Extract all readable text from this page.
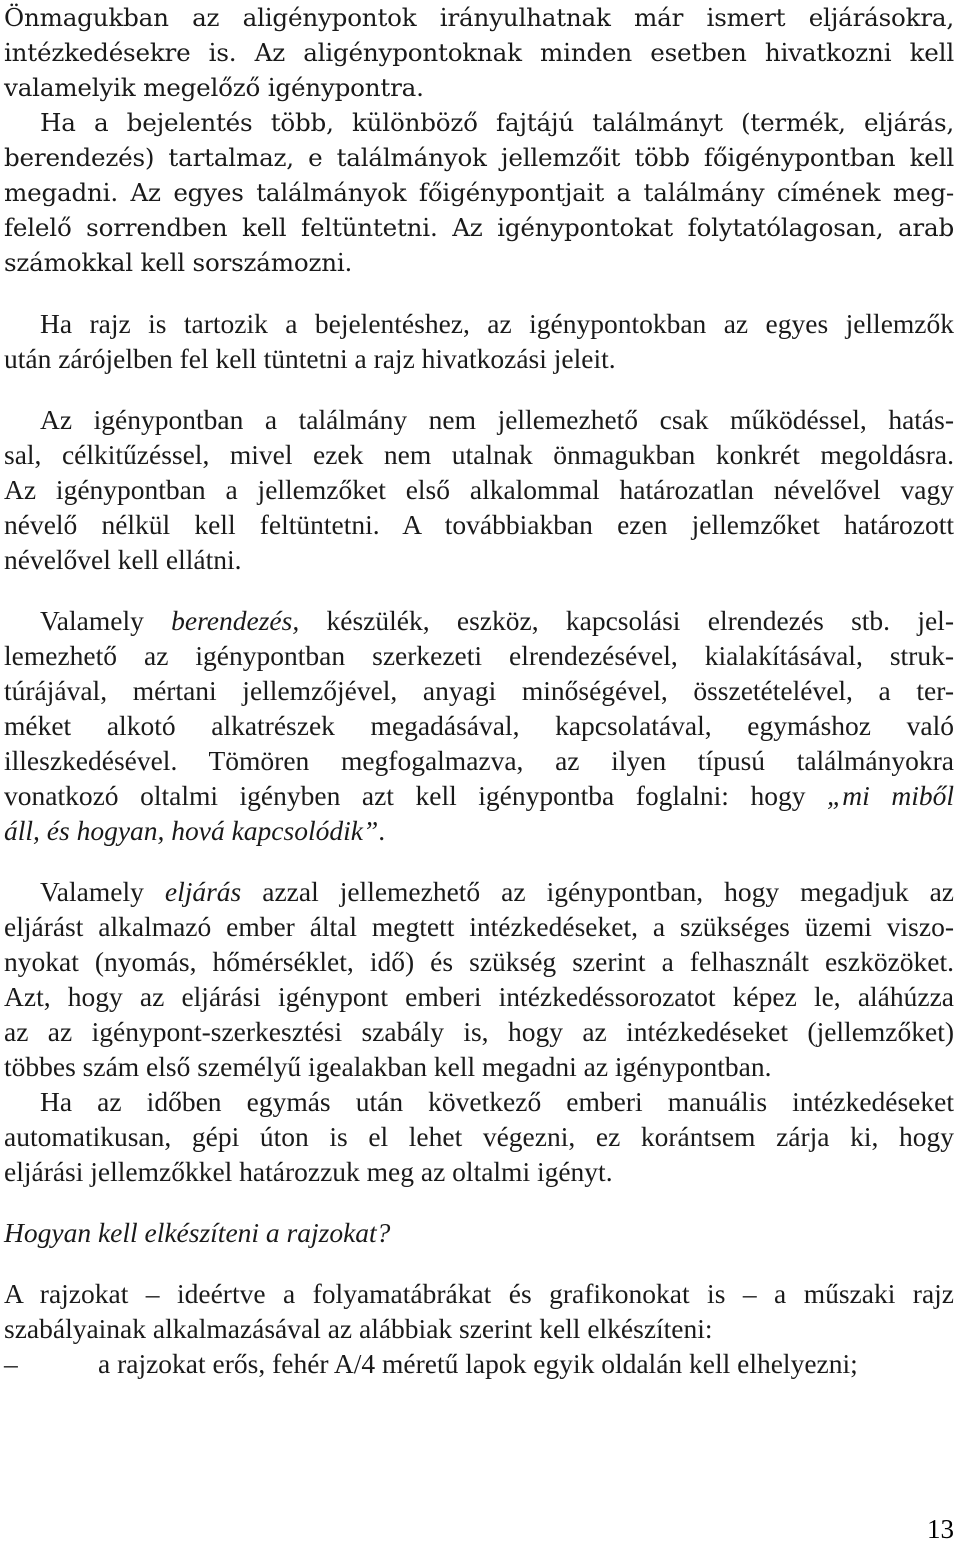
Önmagukban az aligénypontok irányulhatnak már ismert eljárásokra,
intézkedésekre is. Az aligénypontoknak minden esetben hivatkozni kell
valamelyik megelőző igénypontra.
Ha a bejelentés több, különböző fajtájú találmányt (termék, eljárás,
berendezés) tartalmaz, e találmányok jellemzőit több főigénypontban kell
megadni. Az egyes találmányok főigénypontjait a találmány címének meg-
felelő sorrendben kell feltüntetni. Az igénypontokat folytatólagosan, arab
számokkal kell sorszámozni.
Ha rajz is tartozik a bejelentéshez, az igénypontokban az egyes jellemzők
után zárójelben fel kell tüntetni a rajz hivatkozási jeleit.
Az igénypontban a találmány nem jellemezhető csak működéssel, hatás-
sal, célkitűzéssel, mivel ezek nem utalnak önmagukban konkrét megoldásra.
Az igénypontban a jellemzőket első alkalommal határozatlan névelővel vagy
névelő nélkül kell feltüntetni. A továbbiakban ezen jellemzőket határozott
névelővel kell ellátni.
Valamely berendezés, készülék, eszköz, kapcsolási elrendezés stb. jel-
lemezhető az igénypontban szerkezeti elrendezésével, kialakításával, struk-
túrájával, mértani jellemzőjével, anyagi minőségével, összetételével, a ter-
méket alkotó alkatrészek megadásával, kapcsolatával, egymáshoz való
illeszkedésével. Tömören megfogalmazva, az ilyen típusú találmányokra
vonatkozó oltalmi igényben azt kell igénypontba foglalni: hogy „mi miből
áll, és hogyan, hová kapcsolódik”.
Valamely eljárás azzal jellemezhető az igénypontban, hogy megadjuk az
eljárást alkalmazó ember által megtett intézkedéseket, a szükséges üzemi viszo-
nyokat (nyomás, hőmérséklet, idő) és szükség szerint a felhasznált eszközöket.
Azt, hogy az eljárási igénypont emberi intézkedéssorozatot képez le, aláhúzza
az az igénypont-szerkesztési szabály is, hogy az intézkedéseket (jellemzőket)
többes szám első személyű igealakban kell megadni az igénypontban.
Ha az időben egymás után következő emberi manuális intézkedéseket
automatikusan, gépi úton is el lehet végezni, ez korántsem zárja ki, hogy
eljárási jellemzőkkel határozzuk meg az oltalmi igényt.
Hogyan kell elkészíteni a rajzokat?
A rajzokat – ideértve a folyamatábrákat és grafikonokat is – a műszaki rajz
szabályainak alkalmazásával az alábbiak szerint kell elkészíteni:
–	a rajzokat erős, fehér A/4 méretű lapok egyik oldalán kell elhelyezni;
13
